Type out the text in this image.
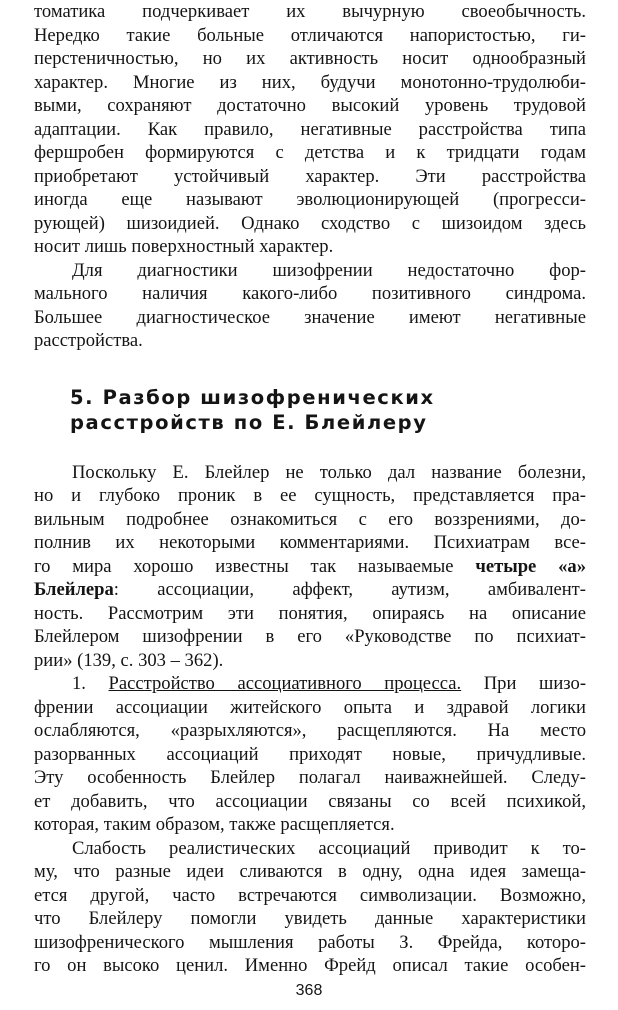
томатика подчеркивает их вычурную своеобычность.
Нередко такие больные отличаются напористостью, ги-
перстеничностью, но их активность носит однообразный
характер. Многие из них, будучи монотонно-трудолюби-
выми, сохраняют достаточно высокий уровень трудовой
адаптации. Как правило, негативные расстройства типа
фершробен формируются с детства и к тридцати годам
приобретают устойчивый характер. Эти расстройства
иногда еще называют эволюционирующей (прогресси-
рующей) шизоидией. Однако сходство с шизоидом здесь
носит лишь поверхностный характер.
Для диагностики шизофрении недостаточно фор-
мального наличия какого-либо позитивного синдрома.
Большее диагностическое значение имеют негативные
расстройства.
5. Разбор шизофренических
расстройств по Е. Блейлеру
Поскольку Е. Блейлер не только дал название болезни,
но и глубоко проник в ее сущность, представляется пра-
вильным подробнее ознакомиться с его воззрениями, до-
полнив их некоторыми комментариями. Психиатрам все-
го мира хорошо известны так называемые четыре «а»
Блейлера: ассоциации, аффект, аутизм, амбивалент-
ность. Рассмотрим эти понятия, опираясь на описание
Блейлером шизофрении в его «Руководстве по психиат-
рии» (139, с. 303 – 362).
1. Расстройство ассоциативного процесса. При шизо-
френии ассоциации житейского опыта и здравой логики
ослабляются, «разрыхляются», расщепляются. На место
разорванных ассоциаций приходят новые, причудливые.
Эту особенность Блейлер полагал наиважнейшей. Следу-
ет добавить, что ассоциации связаны со всей психикой,
которая, таким образом, также расщепляется.
Слабость реалистических ассоциаций приводит к то-
му, что разные идеи сливаются в одну, одна идея замеща-
ется другой, часто встречаются символизации. Возможно,
что Блейлеру помогли увидеть данные характеристики
шизофренического мышления работы З. Фрейда, которо-
го он высоко ценил. Именно Фрейд описал такие особен-
368
